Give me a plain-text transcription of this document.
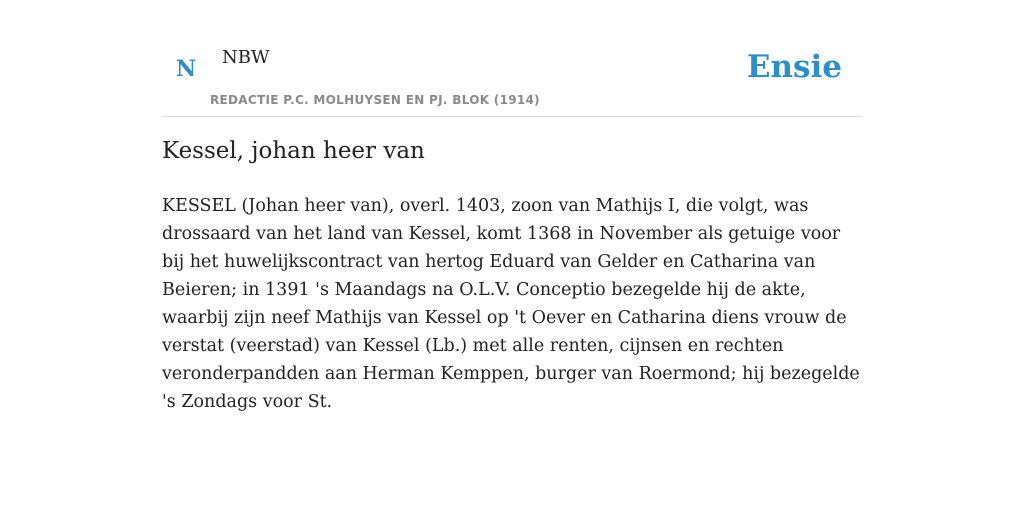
N NBW
REDACTIE P.C. MOLHUYSEN EN PJ. BLOK (1914)
Ensie
Kessel, johan heer van

KESSEL (Johan heer van), overl. 1403, zoon van Mathijs I, die volgt, was drossaard van het land van Kessel, komt 1368 in November als getuige voor bij het huwelijkscontract van hertog Eduard van Gelder en Catharina van Beieren; in 1391 's Maandags na O.L.V. Conceptio bezegelde hij de akte, waarbij zijn neef Mathijs van Kessel op 't Oever en Catharina diens vrouw de verstat (veerstad) van Kessel (Lb.) met alle renten, cijnsen en rechten veronderpandden aan Herman Kemppen, burger van Roermond; hij bezegelde 's Zondags voor St.
